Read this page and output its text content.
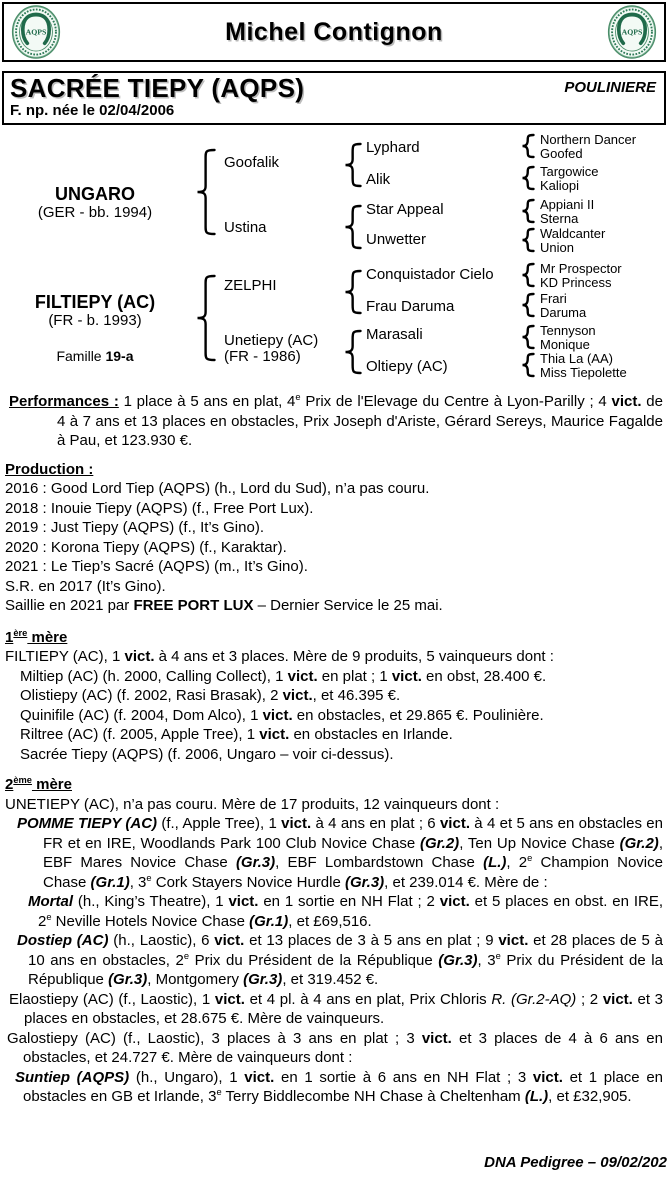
AQPS	Michel Contignon	AQPS
SACRÉE TIEPY (AQPS)	POULINIERE
F. np. née le 02/04/2006
UNGARO
(GER - bb. 1994)
FILTIEPY (AC)
(FR - b. 1993)
Famille 19-a
Goofalik
Ustina
ZELPHI
Unetiepy (AC)
(FR - 1986)
Lyphard
Alik
Star Appeal
Unwetter
Conquistador Cielo
Frau Daruma
Marasali
Oltiepy (AC)
Northern Dancer
Goofed
Targowice
Kaliopi
Appiani II
Sterna
Waldcanter
Union
Mr Prospector
KD Princess
Frari
Daruma
Tennyson
Monique
Thia La (AA)
Miss Tiepolette

Performances : 1 place à 5 ans en plat, 4e Prix de l'Elevage du Centre à Lyon-Parilly ; 4 vict. de 4 à 7 ans et 13 places en obstacles, Prix Joseph d'Ariste, Gérard Sereys, Maurice Fagalde à Pau, et 123.930 €.

Production :

2016 : Good Lord Tiep (AQPS) (h., Lord du Sud), n’a pas couru.

2018 : Inouie Tiepy (AQPS) (f., Free Port Lux).

2019 : Just Tiepy (AQPS) (f., It’s Gino).

2020 : Korona Tiepy (AQPS) (f., Karaktar).

2021 : Le Tiep’s Sacré (AQPS) (m., It’s Gino).

S.R. en 2017 (It’s Gino).

Saillie en 2021 par FREE PORT LUX – Dernier Service le 25 mai.

1ère mère

FILTIEPY (AC), 1 vict. à 4 ans et 3 places. Mère de 9 produits, 5 vainqueurs dont :

Miltiep (AC) (h. 2000, Calling Collect), 1 vict. en plat ; 1 vict. en obst, 28.400 €.

Olistiepy (AC) (f. 2002, Rasi Brasak), 2 vict., et 46.395 €.

Quinifile (AC) (f. 2004, Dom Alco), 1 vict. en obstacles, et 29.865 €. Poulinière.

Riltree (AC) (f. 2005, Apple Tree), 1 vict. en obstacles en Irlande.

Sacrée Tiepy (AQPS) (f. 2006, Ungaro – voir ci-dessus).

2ème mère

UNETIEPY (AC), n’a pas couru. Mère de 17 produits, 12 vainqueurs dont :

POMME TIEPY (AC) (f., Apple Tree), 1 vict. à 4 ans en plat ; 6 vict. à 4 et 5 ans en obstacles en FR et en IRE, Woodlands Park 100 Club Novice Chase (Gr.2), Ten Up Novice Chase (Gr.2), EBF Mares Novice Chase (Gr.3), EBF Lombardstown Chase (L.), 2e Champion Novice Chase (Gr.1), 3e Cork Stayers Novice Hurdle (Gr.3), et 239.014 €. Mère de :

Mortal (h., King’s Theatre), 1 vict. en 1 sortie en NH Flat ; 2 vict. et 5 places en obst. en IRE, 2e Neville Hotels Novice Chase (Gr.1), et £69,516.

Dostiep (AC) (h., Laostic), 6 vict. et 13 places de 3 à 5 ans en plat ; 9 vict. et 28 places de 5 à 10 ans en obstacles, 2e Prix du Président de la République (Gr.3), 3e Prix du Président de la République (Gr.3), Montgomery (Gr.3), et 319.452 €.

Elaostiepy (AC) (f., Laostic), 1 vict. et 4 pl. à 4 ans en plat, Prix Chloris R. (Gr.2-AQ) ; 2 vict. et 3 places en obstacles, et 28.675 €. Mère de vainqueurs.

Galostiepy (AC) (f., Laostic), 3 places à 3 ans en plat ; 3 vict. et 3 places de 4 à 6 ans en obstacles, et 24.727 €. Mère de vainqueurs dont :

Suntiep (AQPS) (h., Ungaro), 1 vict. en 1 sortie à 6 ans en NH Flat ; 3 vict. et 1 place en obstacles en GB et Irlande, 3e Terry Biddlecombe NH Chase à Cheltenham (L.), et £32,905.

DNA Pedigree – 09/02/202
